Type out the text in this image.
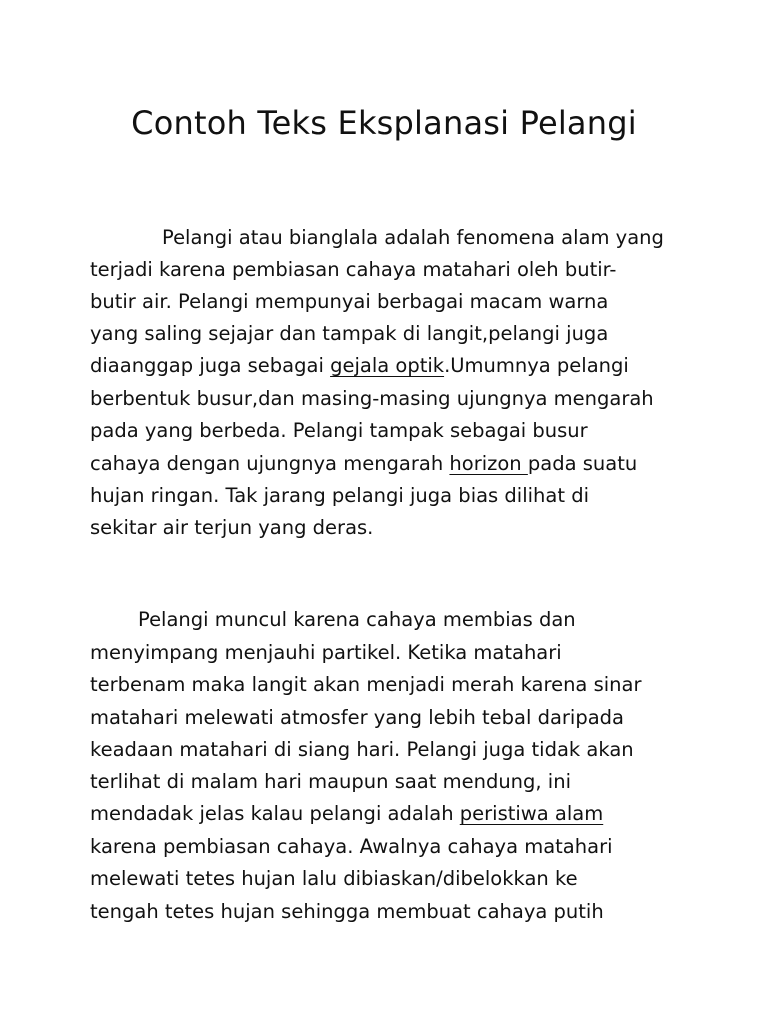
Contoh Teks Eksplanasi Pelangi

Pelangi atau bianglala adalah fenomena alam yang

terjadi karena pembiasan cahaya matahari oleh butir-

butir air. Pelangi mempunyai berbagai macam warna

yang saling sejajar dan tampak di langit,pelangi juga

diaanggap juga sebagai gejala optik.Umumnya pelangi

berbentuk busur,dan masing-masing ujungnya mengarah

pada yang berbeda. Pelangi tampak sebagai busur

cahaya dengan ujungnya mengarah horizon pada suatu

hujan ringan. Tak jarang pelangi juga bias dilihat di

sekitar air terjun yang deras.

Pelangi muncul karena cahaya membias dan

menyimpang menjauhi partikel. Ketika matahari

terbenam maka langit akan menjadi merah karena sinar

matahari melewati atmosfer yang lebih tebal daripada

keadaan matahari di siang hari. Pelangi juga tidak akan

terlihat di malam hari maupun saat mendung, ini

mendadak jelas kalau pelangi adalah peristiwa alam

karena pembiasan cahaya. Awalnya cahaya matahari

melewati tetes hujan lalu dibiaskan/dibelokkan ke

tengah tetes hujan sehingga membuat cahaya putih
